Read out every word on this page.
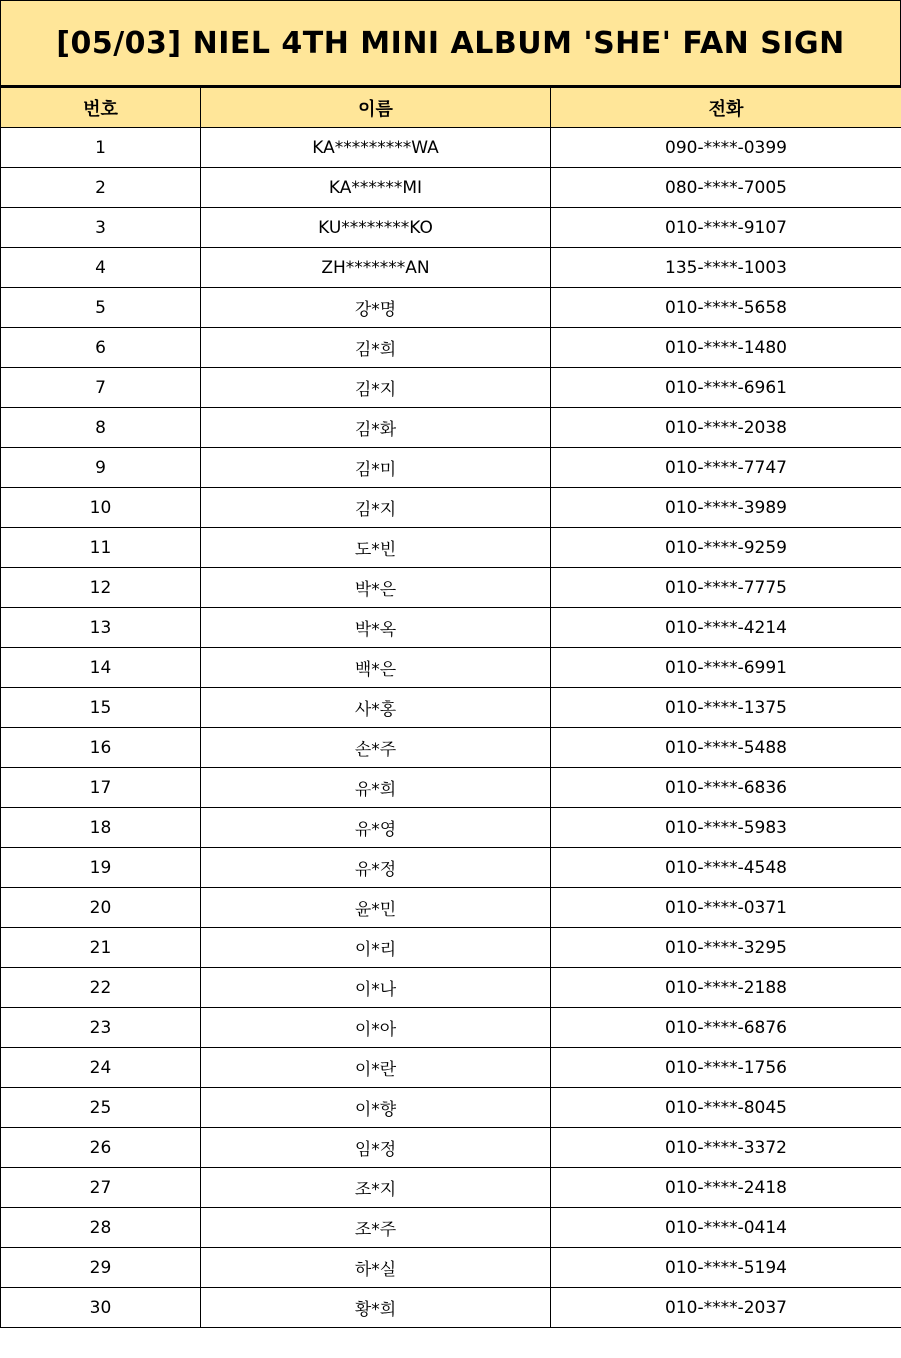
[05/03] NIEL 4TH MINI ALBUM 'SHE' FAN SIGN
번호	이름	전화
1	KA*********WA	090-****-0399
2	KA******MI	080-****-7005
3	KU********KO	010-****-9107
4	ZH*******AN	135-****-1003
5	강*명	010-****-5658
6	김*희	010-****-1480
7	김*지	010-****-6961
8	김*화	010-****-2038
9	김*미	010-****-7747
10	김*지	010-****-3989
11	도*빈	010-****-9259
12	박*은	010-****-7775
13	박*옥	010-****-4214
14	백*은	010-****-6991
15	사*홍	010-****-1375
16	손*주	010-****-5488
17	유*희	010-****-6836
18	유*영	010-****-5983
19	유*정	010-****-4548
20	윤*민	010-****-0371
21	이*리	010-****-3295
22	이*나	010-****-2188
23	이*아	010-****-6876
24	이*란	010-****-1756
25	이*향	010-****-8045
26	임*정	010-****-3372
27	조*지	010-****-2418
28	조*주	010-****-0414
29	하*실	010-****-5194
30	황*희	010-****-2037
